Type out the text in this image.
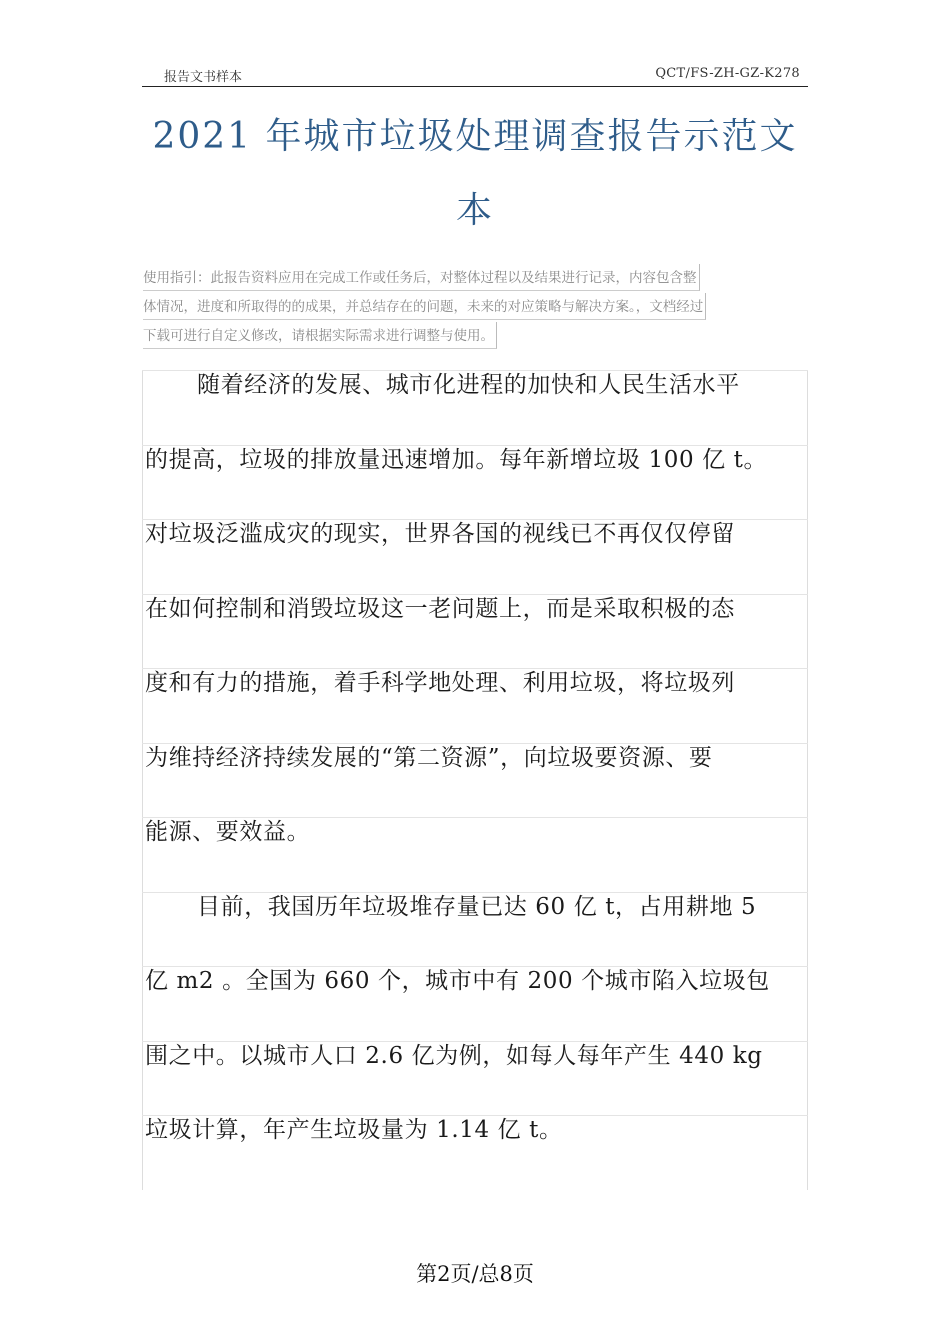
报告文书样本	QCT/FS-ZH-GZ-K278
2021 年城市垃圾处理调查报告示范文
本
使用指引：此报告资料应用在完成工作或任务后，对整体过程以及结果进行记录，内容包含整
体情况，进度和所取得的的成果，并总结存在的问题，未来的对应策略与解决方案。，文档经过
下载可进行自定义修改，请根据实际需求进行调整与使用。
随着经济的发展、城市化进程的加快和人民生活水平
的提高，垃圾的排放量迅速增加。每年新增垃圾 100 亿 t。
对垃圾泛滥成灾的现实，世界各国的视线已不再仅仅停留
在如何控制和消毁垃圾这一老问题上，而是采取积极的态
度和有力的措施，着手科学地处理、利用垃圾，将垃圾列
为维持经济持续发展的“第二资源”，向垃圾要资源、要
能源、要效益。
目前，我国历年垃圾堆存量已达 60 亿 t，占用耕地 5
亿 m2 。全国为 660 个，城市中有 200 个城市陷入垃圾包
围之中。以城市人口 2.6 亿为例，如每人每年产生 440 kg
垃圾计算，年产生垃圾量为 1.14 亿 t。
第2页/总8页
